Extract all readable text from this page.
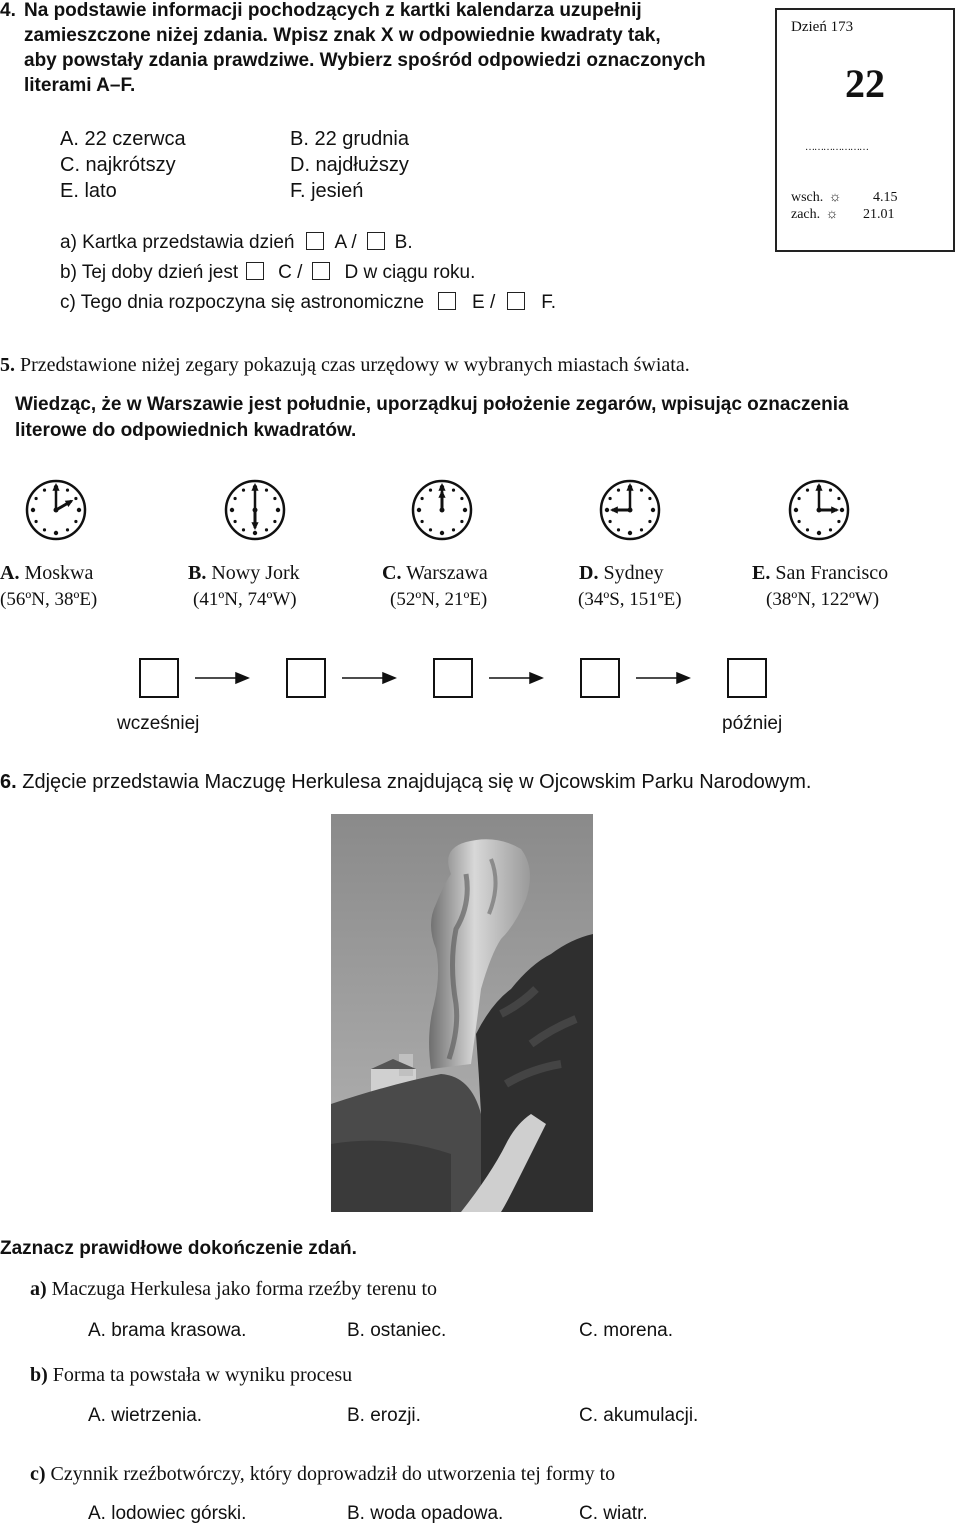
4. Na podstawie informacji pochodzących z kartki kalendarza uzupełnij
zamieszczone niżej zdania. Wpisz znak X w odpowiednie kwadraty tak,
aby powstały zdania prawdziwe. Wybierz spośród odpowiedzi oznaczonych
literami A–F.
A. 22 czerwca	B. 22 grudnia
C. najkrótszy	D. najdłuższy
E. lato	F. jesień
a) Kartka przedstawia dzień A / B.
b) Tej doby dzień jest C / D w ciągu roku.
c) Tego dnia rozpoczyna się astronomiczne	E / F.
Dzień 173
22
…………………
wsch. ☼ 4.15
zach. ☼ 21.01
5. Przedstawione niżej zegary pokazują czas urzędowy w wybranych miastach świata.
Wiedząc, że w Warszawie jest południe, uporządkuj położenie zegarów, wpisując oznaczenia
literowe do odpowiednich kwadratów.
A. Moskwa	B. Nowy Jork	C. Warszawa	D. Sydney	E. San Francisco
(56ºN, 38ºE)	(41ºN, 74ºW)	(52ºN, 21ºE)	(34ºS, 151ºE)	(38ºN, 122ºW)
wcześniej	później
6. Zdjęcie przedstawia Maczugę Herkulesa znajdującą się w Ojcowskim Parku Narodowym.
Zaznacz prawidłowe dokończenie zdań.
a) Maczuga Herkulesa jako forma rzeźby terenu to
A. brama krasowa.	B. ostaniec.	C. morena.
b) Forma ta powstała w wyniku procesu
A. wietrzenia.	B. erozji.	C. akumulacji.
c) Czynnik rzeźbotwórczy, który doprowadził do utworzenia tej formy to
A. lodowiec górski.	B. woda opadowa.	C. wiatr.
